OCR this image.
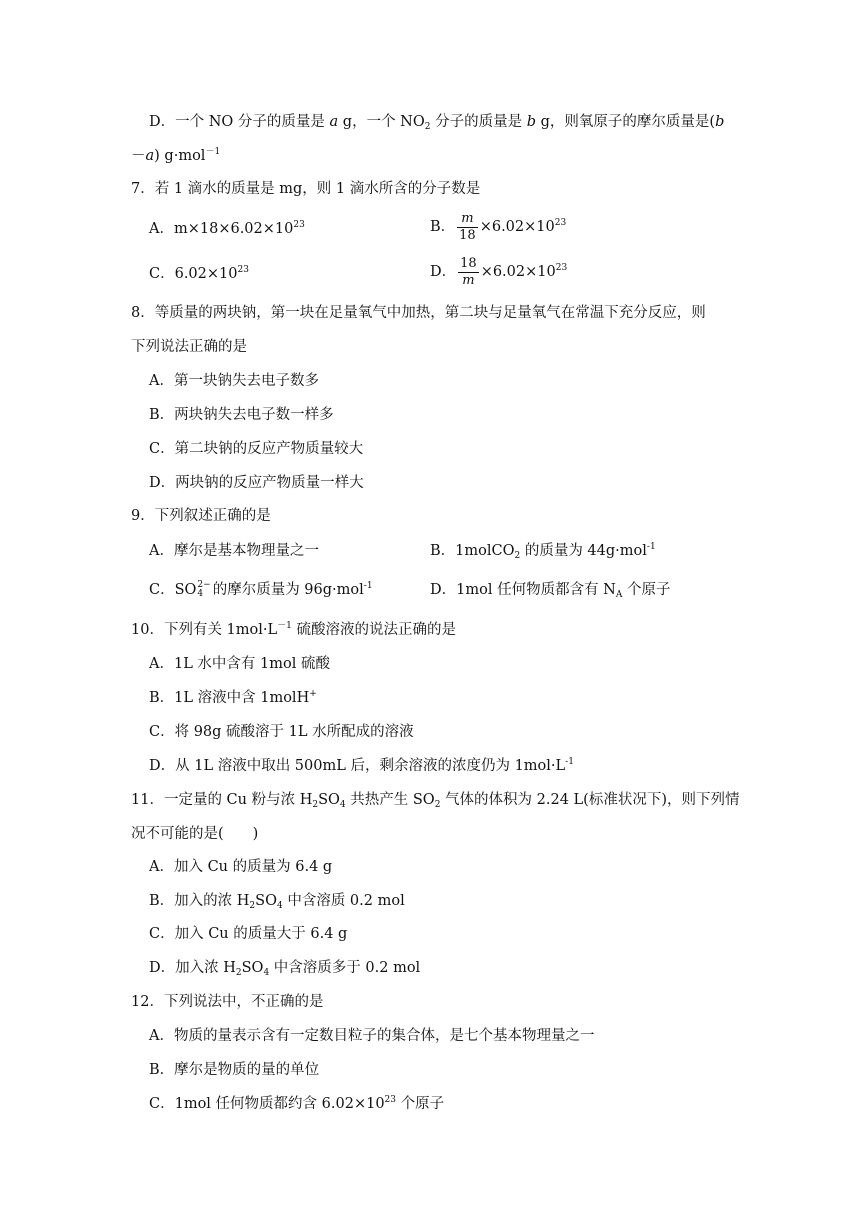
D．一个 NO 分子的质量是 a g，一个 $NO_2$ 分子的质量是 b g，则氧原子的摩尔质量是(b
－a) g·mol$^{-1}$
7．若 1 滴水的质量是 mg，则 1 滴水所含的分子数是
A．$m\times 18\times 6.02\times 10^{23}$	B． $\frac{m}{18} \times 6.02\times 10^{23}$
C．$6.02\times 10^{23}$	D． $\frac{18}{m} \times 6.02\times 10^{23}$
8．等质量的两块钠，第一块在足量氧气中加热，第二块与足量氧气在常温下充分反应，则
下列说法正确的是
A．第一块钠失去电子数多
B．两块钠失去电子数一样多
C．第二块钠的反应产物质量较大
D．两块钠的反应产物质量一样大
9．下列叙述正确的是
A．摩尔是基本物理量之一	B．1molCO$_2$ 的质量为 44g·mol$^{-1}$
C．SO 2−
4 的摩尔质量为 96g·mol$^{-1}$	D．1mol 任何物质都含有 $N_A$ 个原子
10．下列有关 $1mol\cdot L^{-1}$ 硫酸溶液的说法正确的是
A．1L 水中含有 1mol 硫酸
B．1L 溶液中含 1molH+
C．将 98g 硫酸溶于 1L 水所配成的溶液
D．从 1L 溶液中取出 500mL 后，剩余溶液的浓度仍为 $1mol\cdot L^{-1}$
11．一定量的 Cu 粉与浓 $H_2SO_4$ 共热产生 $SO_2$ 气体的体积为 2.24 L(标准状况下)，则下列情
况不可能的是(　　)
A．加入 Cu 的质量为 6.4 g
B．加入的浓 $H_2SO_4$ 中含溶质 0.2 mol
C．加入 Cu 的质量大于 6.4 g
D．加入浓 $H_2SO_4$ 中含溶质多于 0.2 mol
12．下列说法中，不正确的是
A．物质的量表示含有一定数目粒子的集合体，是七个基本物理量之一
B．摩尔是物质的量的单位
C．1mol 任何物质都约含 $6.02\times 10^{23}$ 个原子
